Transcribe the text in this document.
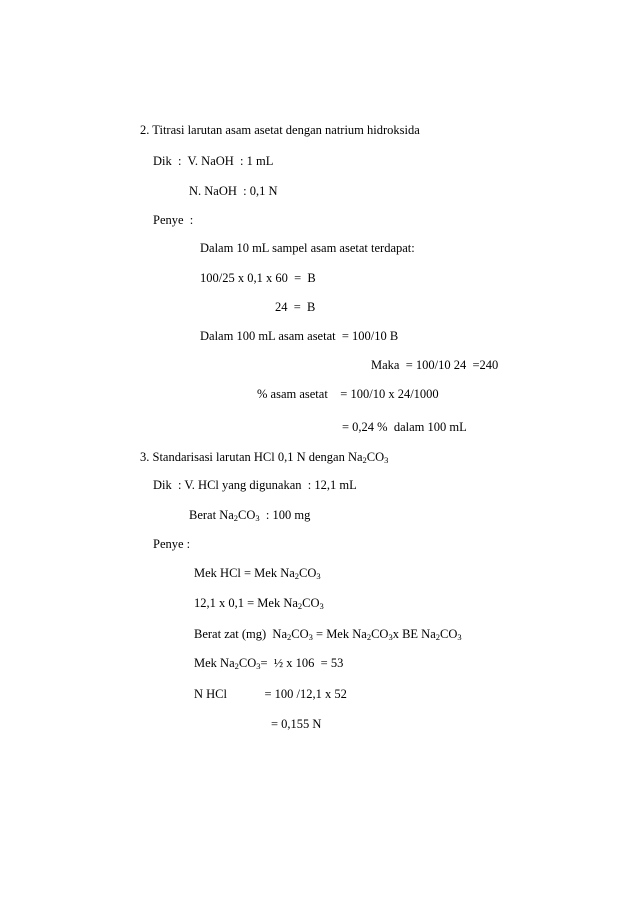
2. Titrasi larutan asam asetat dengan natrium hidroksida
Dik  :  V. NaOH  : 1 mL
N. NaOH  : 0,1 N
Penye  :
Dalam 10 mL sampel asam asetat terdapat:
100/25 x 0,1 x 60  =  B
24  =  B
Dalam 100 mL asam asetat  = 100/10 B
Maka  = 100/10 24  =240
% asam asetat    = 100/10 x 24/1000
= 0,24 %  dalam 100 mL
3. Standarisasi larutan HCl 0,1 N dengan $Na_2CO_3$
Dik  : V. HCl yang digunakan  : 12,1 mL
Berat $Na_2CO_3$  : 100 mg
Penye :
Mek HCl = Mek $Na_2CO_3$
12,1 x 0,1 = Mek $Na_2CO_3$
Berat zat (mg)  $Na_2CO_3$ = Mek $Na_2CO_3x$ BE $Na_2CO_3$
Mek $Na_2CO_3=$  ½ x 106  = 53
N HCl            = 100 /12,1 x 52
= 0,155 N
